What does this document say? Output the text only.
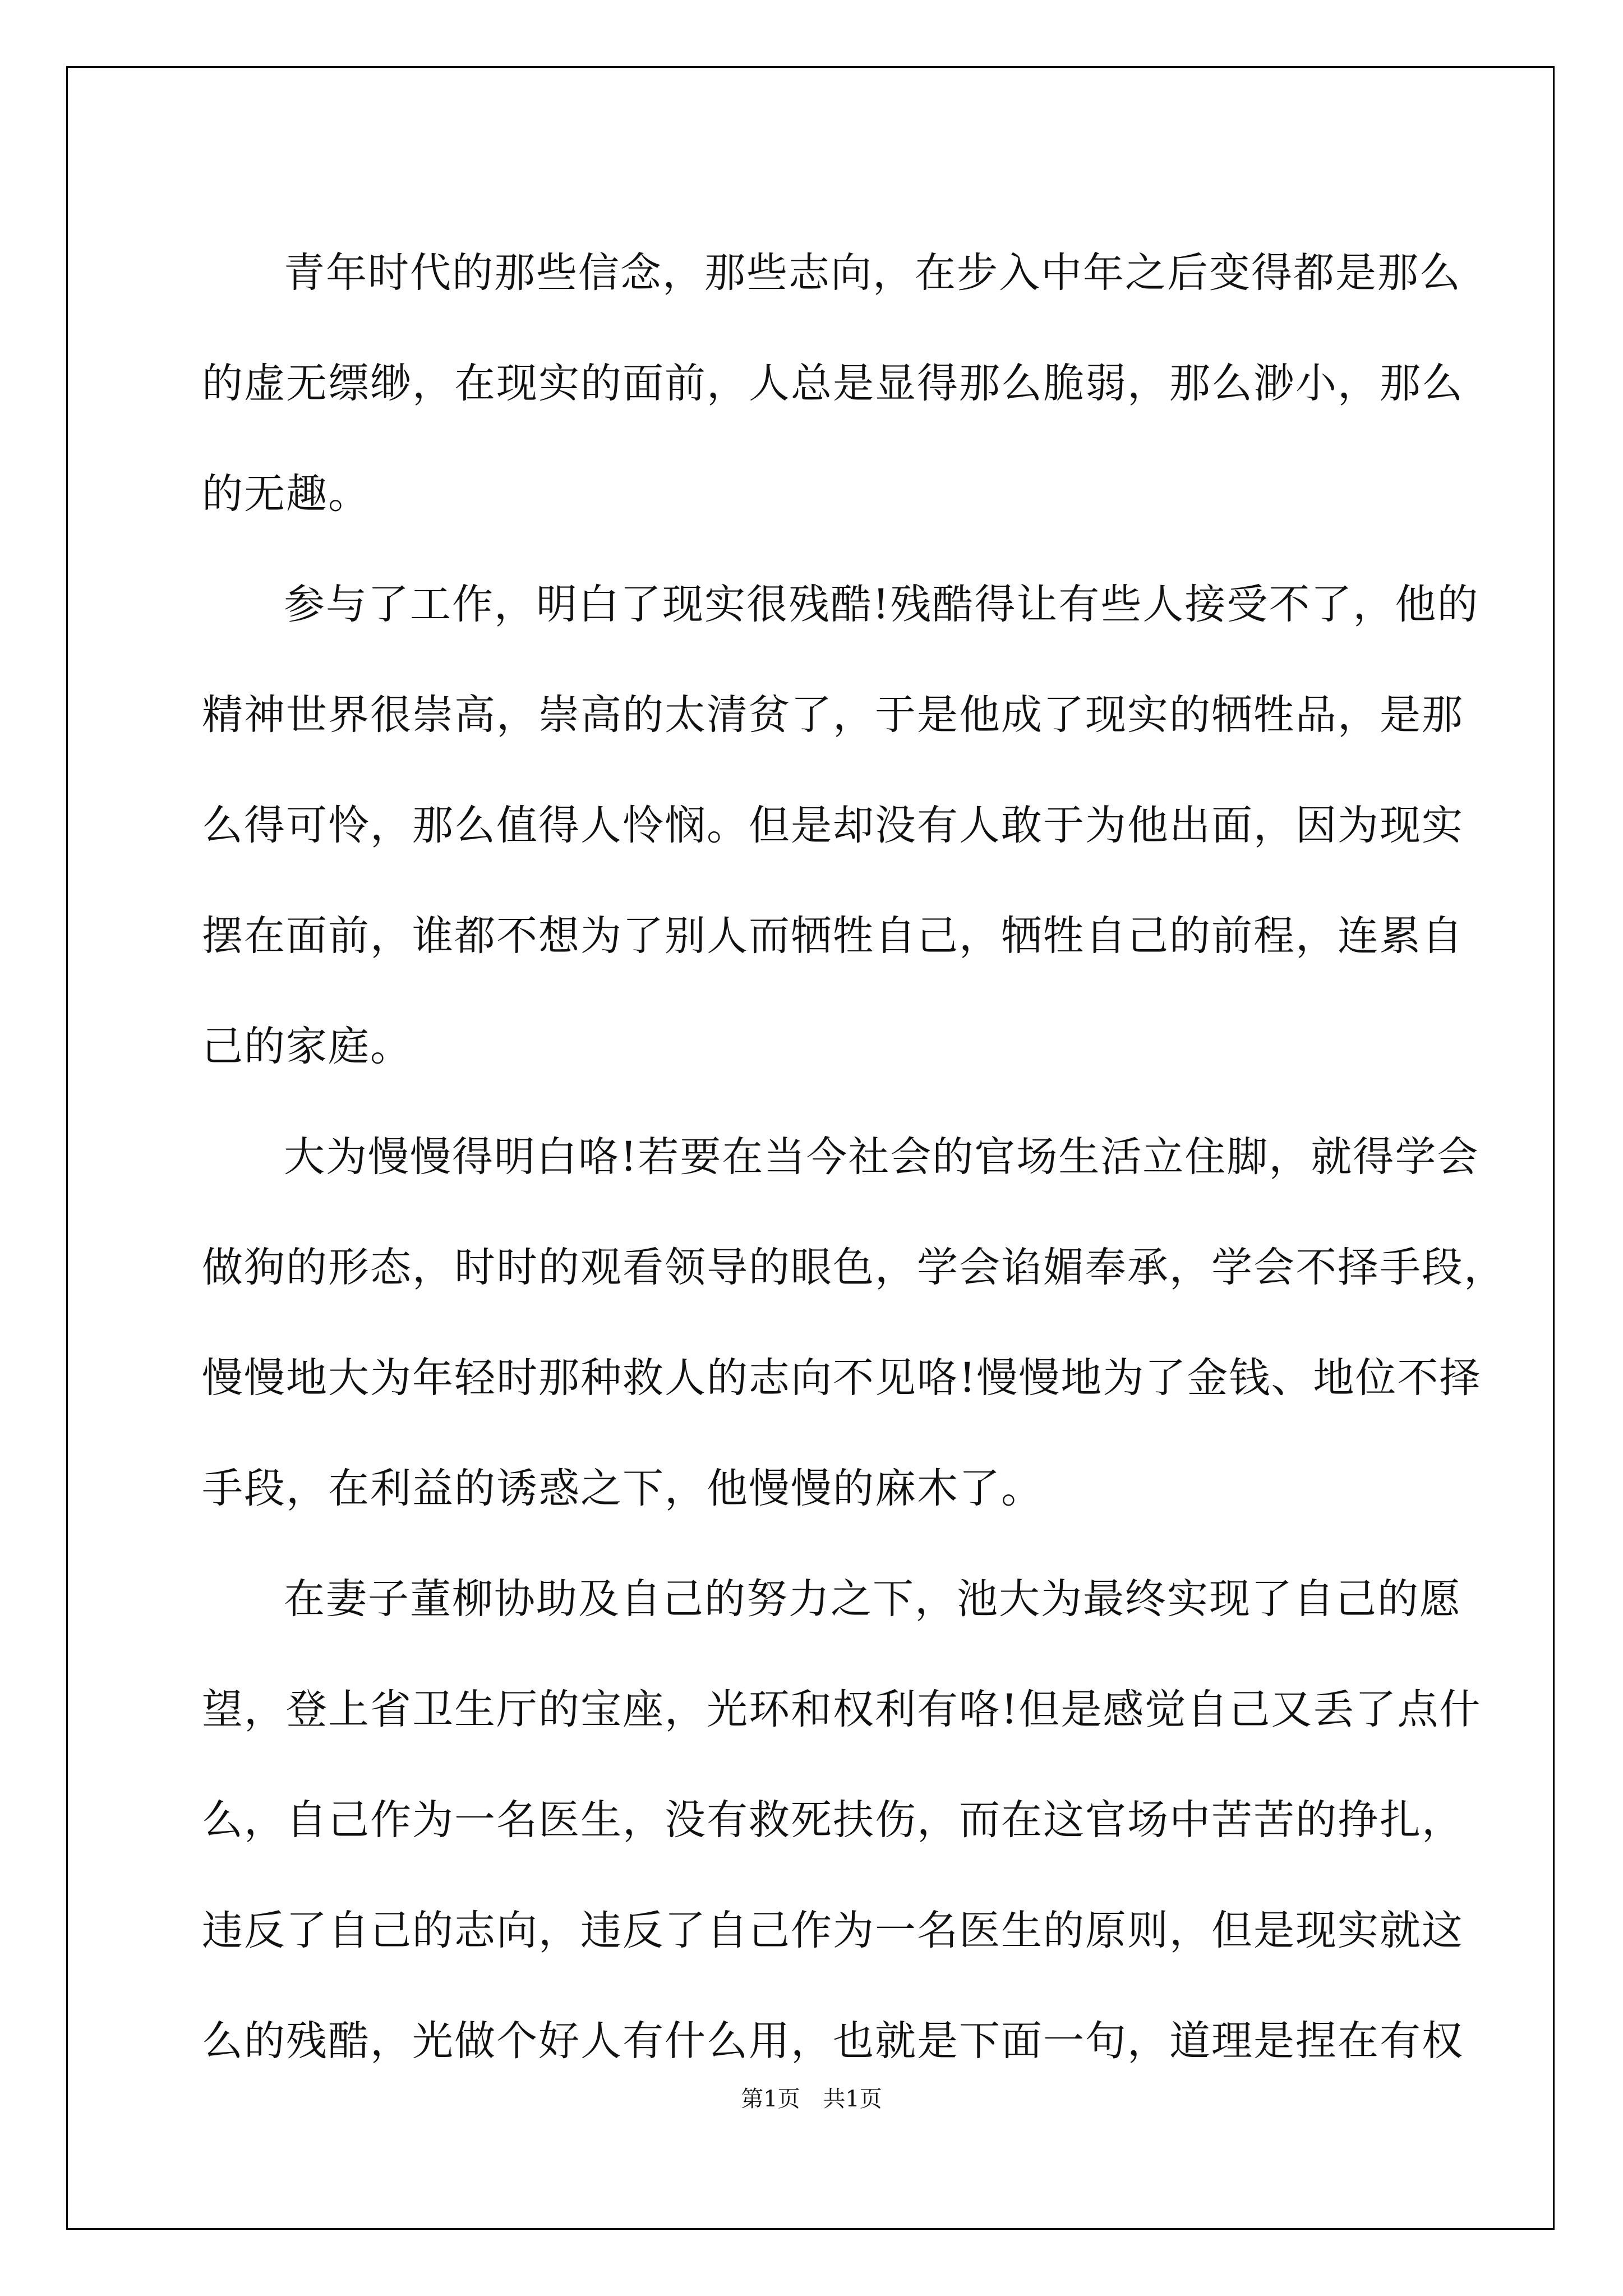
青年时代的那些信念，那些志向，在步入中年之后变得都是那么
的虚无缥缈，在现实的面前，人总是显得那么脆弱，那么渺小，那么
的无趣。

参与了工作，明白了现实很残酷!残酷得让有些人接受不了，他的
精神世界很崇高，崇高的太清贫了，于是他成了现实的牺牲品，是那
么得可怜，那么值得人怜悯。但是却没有人敢于为他出面，因为现实
摆在面前，谁都不想为了别人而牺牲自己，牺牲自己的前程，连累自
己的家庭。

大为慢慢得明白咯!若要在当今社会的官场生活立住脚，就得学会
做狗的形态，时时的观看领导的眼色，学会谄媚奉承，学会不择手段，
慢慢地大为年轻时那种救人的志向不见咯!慢慢地为了金钱、地位不择
手段，在利益的诱惑之下，他慢慢的麻木了。

在妻子董柳协助及自己的努力之下，池大为最终实现了自己的愿
望，登上省卫生厅的宝座，光环和权利有咯!但是感觉自己又丢了点什
么，自己作为一名医生，没有救死扶伤，而在这官场中苦苦的挣扎，
违反了自己的志向，违反了自己作为一名医生的原则，但是现实就这
么的残酷，光做个好人有什么用，也就是下面一句，道理是捏在有权

第1页 共1页
